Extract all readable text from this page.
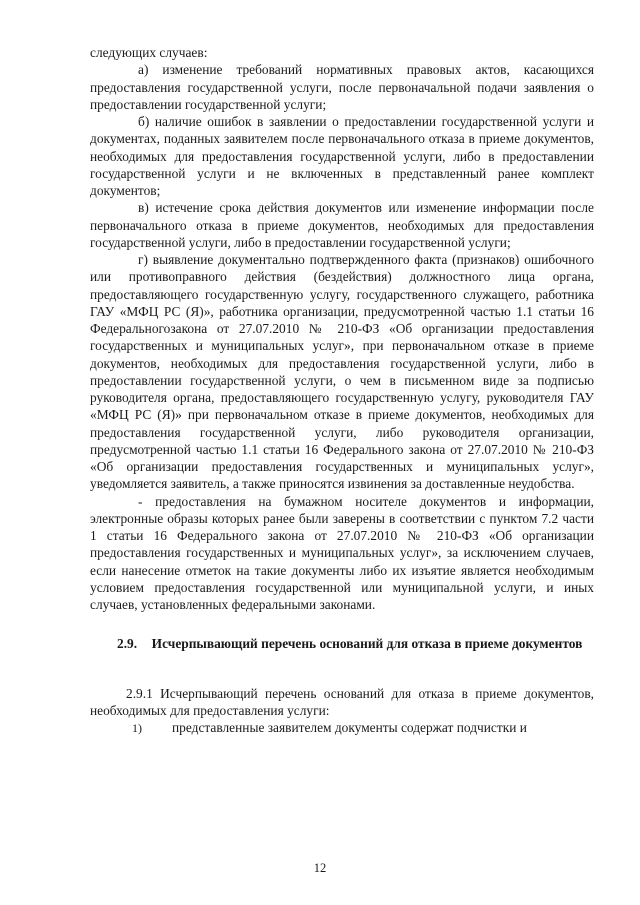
следующих случаев:

а) изменение требований нормативных правовых актов, касающихся предоставления государственной услуги, после первоначальной подачи заявления о предоставлении государственной услуги;

б) наличие ошибок в заявлении о предоставлении государственной услуги и документах, поданных заявителем после первоначального отказа в приеме документов, необходимых для предоставления государственной услуги, либо в предоставлении государственной услуги и не включенных в представленный ранее комплект документов;

в) истечение срока действия документов или изменение информации после первоначального отказа в приеме документов, необходимых для предоставления государственной услуги, либо в предоставлении государственной услуги;

г) выявление документально подтвержденного факта (признаков) ошибочного или противоправного действия (бездействия) должностного лица органа, предоставляющего государственную услугу, государственного служащего, работника ГАУ «МФЦ РС (Я)», работника организации, предусмотренной частью 1.1 статьи 16 Федеральногозакона от 27.07.2010 № 210-ФЗ «Об организации предоставления государственных и муниципальных услуг», при первоначальном отказе в приеме документов, необходимых для предоставления государственной услуги, либо в предоставлении государственной услуги, о чем в письменном виде за подписью руководителя органа, предоставляющего государственную услугу, руководителя ГАУ «МФЦ РС (Я)» при первоначальном отказе в приеме документов, необходимых для предоставления государственной услуги, либо руководителя организации, предусмотренной частью 1.1 статьи 16 Федерального закона от 27.07.2010 № 210-ФЗ «Об организации предоставления государственных и муниципальных услуг», уведомляется заявитель, а также приносятся извинения за доставленные неудобства.

- предоставления на бумажном носителе документов и информации, электронные образы которых ранее были заверены в соответствии с пунктом 7.2 части 1 статьи 16 Федерального закона от 27.07.2010 № 210-ФЗ «Об организации предоставления государственных и муниципальных услуг», за исключением случаев, если нанесение отметок на такие документы либо их изъятие является необходимым условием предоставления государственной или муниципальной услуги, и иных случаев, установленных федеральными законами.

2.9. Исчерпывающий перечень оснований для отказа в приеме документов

2.9.1 Исчерпывающий перечень оснований для отказа в приеме документов, необходимых для предоставления услуги:

1) представленные заявителем документы содержат подчистки и

12
